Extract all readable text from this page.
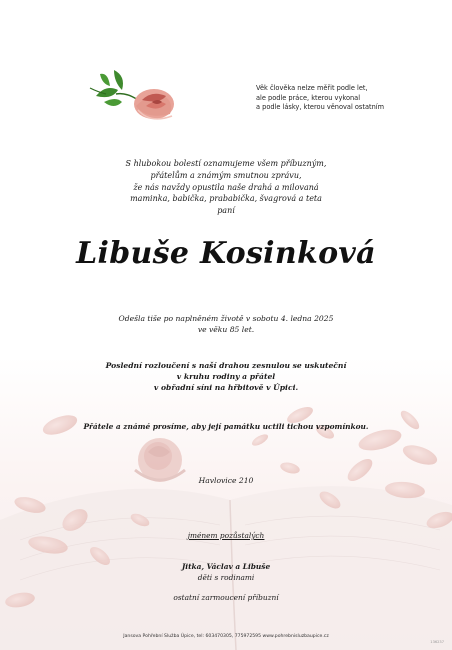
Věk člověka nelze měřit podle let,
ale podle práce, kterou vykonal
a podle lásky, kterou věnoval ostatním
S hlubokou bolestí oznamujeme všem příbuzným,
přátelům a známým smutnou zprávu,
že nás navždy opustila naše drahá a milovaná
maminka, babička, prababička, švagrová a teta
paní
Libuše Kosinková
Odešla tiše po naplněném životě v sobotu 4. ledna 2025
ve věku 85 let.
Poslední rozloučení s naší drahou zesnulou se uskuteční
v kruhu rodiny a přátel
v obřadní síni na hřbitově v Úpici.
Přátele a známé prosíme, aby její památku uctili tichou vzpomínkou.
Havlovice 210
jménem pozůstalých
Jitka, Václav a Libuše
děti s rodinami
ostatní zarmoucení příbuzní
Jansova Pohřební Služba Úpice, tel: 603470305, 775972595 www.pohrebnisluzbaupice.cz
136237
